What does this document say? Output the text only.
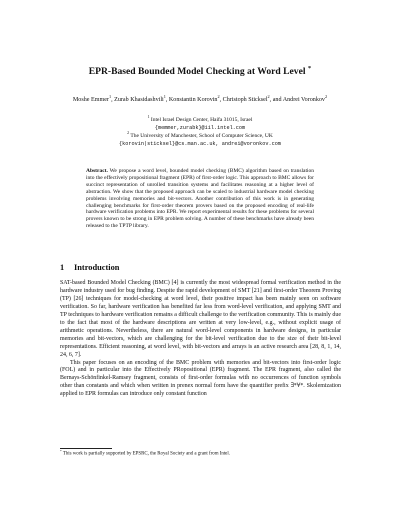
EPR-Based Bounded Model Checking at Word Level *
Moshe Emmer$^1$, Zurab Khasidashvili$^1$, Konstantin Korovin$^2$, Christoph Sticksel$^2$, and Andrei Voronkov$^2$
$^1$ Intel Israel Design Center, Haifa 31015, Israel
{memmer,zurabk}@iil.intel.com
$^2$ The University of Manchester, School of Computer Science, UK
{korovin|sticksel}@cs.man.ac.uk, andrei@voronkov.com

Abstract. We propose a word level, bounded model checking (BMC) algorithm based on translation into the effectively propositional fragment (EPR) of first-order logic. This approach to BMC allows for succinct representation of unrolled transition systems and facilitates reasoning at a higher level of abstraction. We show that the proposed approach can be scaled to industrial hardware model checking problems involving memories and bit-vectors. Another contribution of this work is in generating challenging benchmarks for first-order theorem provers based on the proposed encoding of real-life hardware verification problems into EPR. We report experimental results for these problems for several provers known to be strong in EPR problem solving. A number of these benchmarks have already been released to the TPTP library.

1 Introduction

SAT-based Bounded Model Checking (BMC) [4] is currently the most widespread formal verification method in the hardware industry used for bug finding. Despite the rapid development of SMT [21] and first-order Theorem Proving (TP) [26] techniques for model-checking at word level, their positive impact has been mainly seen on software verification. So far, hardware verification has benefited far less from word-level verification, and applying SMT and TP techniques to hardware verification remains a difficult challenge to the verification community. This is mainly due to the fact that most of the hardware descriptions are written at very low-level, e.g., without explicit usage of arithmetic operations. Nevertheless, there are natural word-level components in hardware designs, in particular memories and bit-vectors, which are challenging for the bit-level verification due to the size of their bit-level representations. Efficient reasoning, at word level, with bit-vectors and arrays is an active research area [28, 8, 1, 14, 24, 6, 7].

This paper focuses on an encoding of the BMC problem with memories and bit-vectors into first-order logic (FOL) and in particular into the Effectively PRopositional (EPR) fragment. The EPR fragment, also called the Bernays-Schönfinkel-Ramsey fragment, consists of first-order formulas with no occurrences of function symbols other than constants and which when written in prenex normal form have the quantifier prefix ∃*∀*. Skolemization applied to EPR formulas can introduce only constant function

* This work is partially supported by EPSRC, the Royal Society and a grant from Intel.
